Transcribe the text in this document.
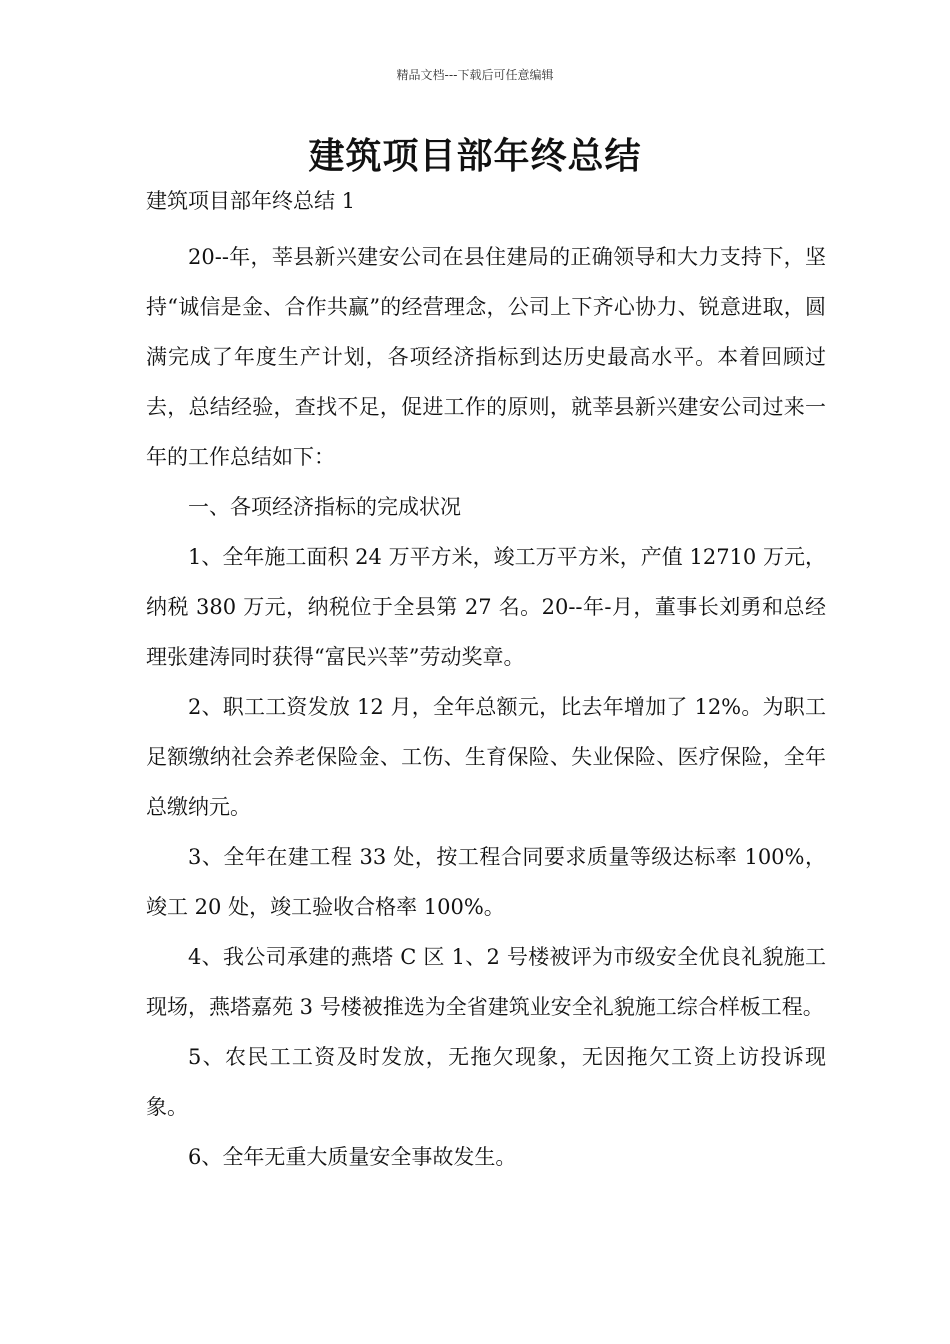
精品文档---下载后可任意编辑
建筑项目部年终总结
建筑项目部年终总结 1

20--年，莘县新兴建安公司在县住建局的正确领导和大力支持下，坚持“诚信是金、合作共赢”的经营理念，公司上下齐心协力、锐意进取，圆满完成了年度生产计划，各项经济指标到达历史最高水平。本着回顾过去，总结经验，查找不足，促进工作的原则，就莘县新兴建安公司过来一年的工作总结如下：

一、各项经济指标的完成状况

1、全年施工面积 24 万平方米，竣工万平方米，产值 12710 万元，纳税 380 万元，纳税位于全县第 27 名。20--年-月，董事长刘勇和总经理张建涛同时获得“富民兴莘”劳动奖章。

2、职工工资发放 12 月，全年总额元，比去年增加了 12%。为职工足额缴纳社会养老保险金、工伤、生育保险、失业保险、医疗保险，全年总缴纳元。

3、全年在建工程 33 处，按工程合同要求质量等级达标率 100%，竣工 20 处，竣工验收合格率 100%。

4、我公司承建的燕塔 C 区 1、2 号楼被评为市级安全优良礼貌施工现场，燕塔嘉苑 3 号楼被推选为全省建筑业安全礼貌施工综合样板工程。

5、农民工工资及时发放，无拖欠现象，无因拖欠工资上访投诉现象。

6、全年无重大质量安全事故发生。
